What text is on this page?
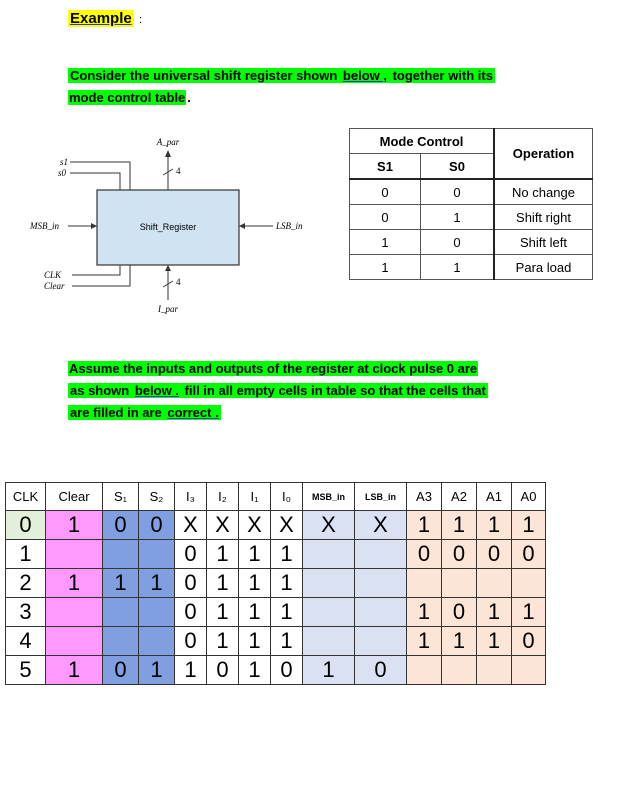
Example :
Consider the universal shift register shown below , together with its
mode control table .
Shift_Register
A_par
4
s1
s0
MSB_in	LSB_in
CLK
Clear	4
I_par
Mode Control		Operation
S1	S0	
0	0	No change
0	1	Shift right
1	0	Shift left
1	1	Para load
Assume the inputs and outputs of the register at clock pulse 0 are
as shown below . fill in all empty cells in table so that the cells that
are filled in are correct .
CLK	Clear	S₁	S₂	I₃	I₂	I₁	I₀	MSB_in	LSB_in	A3	A2	A1	A0
0	1	0	0	X	X	X	X	X	X	1	1	1	1
1				0	1	1	1			0	0	0	0
2	1	1	1	0	1	1	1						
3				0	1	1	1			1	0	1	1
4				0	1	1	1			1	1	1	0
5	1	0	1	1	0	1	0	1	0				
